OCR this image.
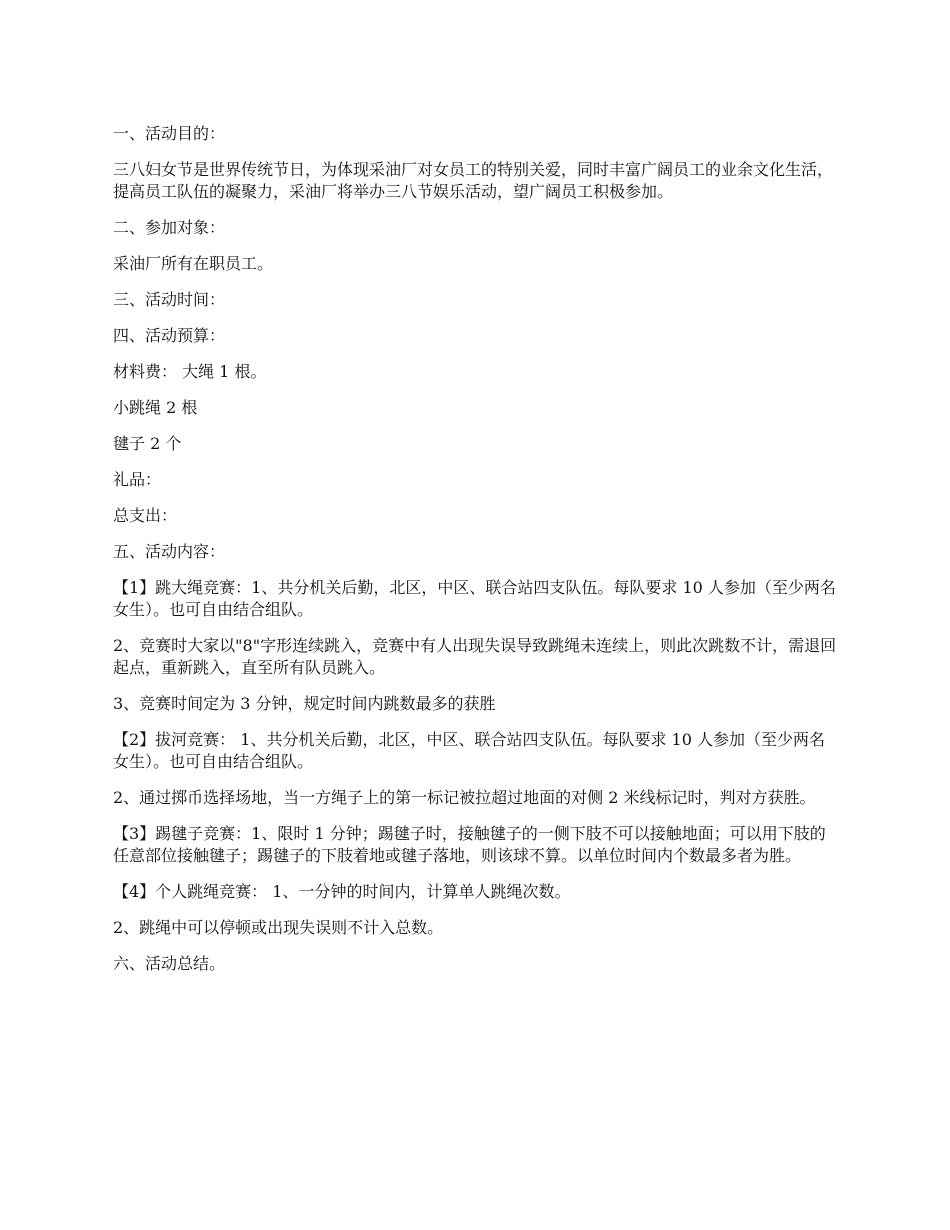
一、活动目的：

三八妇女节是世界传统节日，为体现采油厂对女员工的特别关爱，同时丰富广阔员工的业余文化生活，提高员工队伍的凝聚力，采油厂将举办三八节娱乐活动，望广阔员工积极参加。

二、参加对象：

采油厂所有在职员工。

三、活动时间：

四、活动预算：

材料费： 大绳 1 根。

小跳绳 2 根

毽子 2 个

礼品：

总支出：

五、活动内容：

【1】跳大绳竞赛：1、共分机关后勤，北区，中区、联合站四支队伍。每队要求 10 人参加（至少两名女生）。也可自由结合组队。

2、竞赛时大家以"8"字形连续跳入，竞赛中有人出现失误导致跳绳未连续上，则此次跳数不计，需退回起点，重新跳入，直至所有队员跳入。

3、竞赛时间定为 3 分钟，规定时间内跳数最多的获胜

【2】拔河竞赛： 1、共分机关后勤，北区，中区、联合站四支队伍。每队要求 10 人参加（至少两名女生）。也可自由结合组队。

2、通过掷币选择场地，当一方绳子上的第一标记被拉超过地面的对侧 2 米线标记时，判对方获胜。

【3】踢毽子竞赛：1、限时 1 分钟；踢毽子时，接触毽子的一侧下肢不可以接触地面；可以用下肢的任意部位接触毽子；踢毽子的下肢着地或毽子落地，则该球不算。以单位时间内个数最多者为胜。

【4】个人跳绳竞赛： 1、一分钟的时间内，计算单人跳绳次数。

2、跳绳中可以停顿或出现失误则不计入总数。

六、活动总结。
